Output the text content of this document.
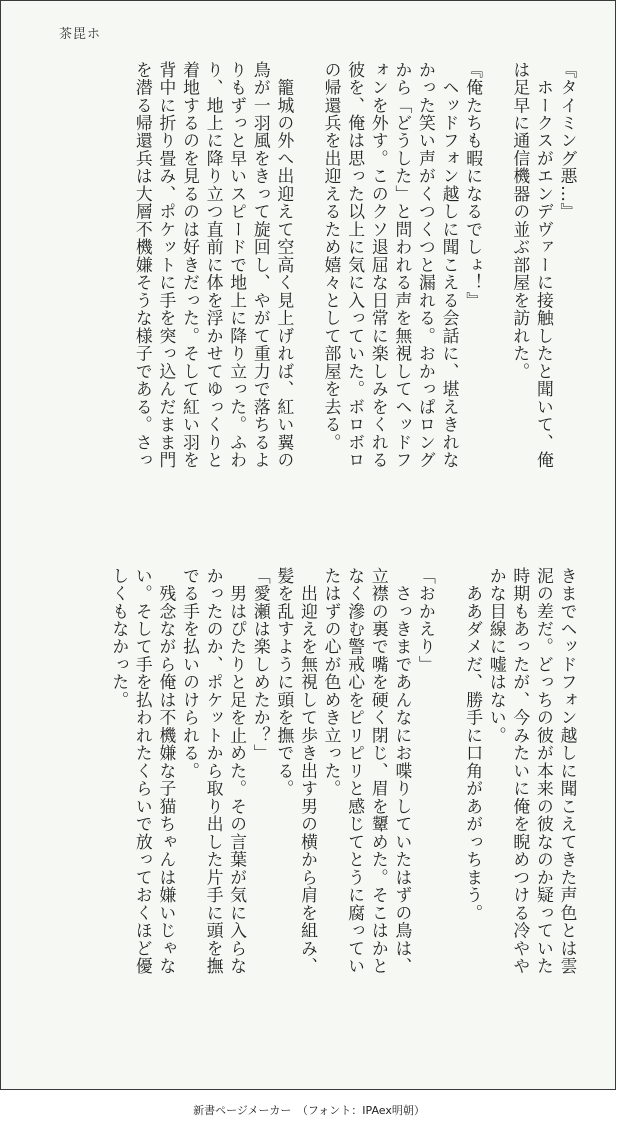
茶毘ホ
『タイミング悪…』
　ホークスがエンデヴァーに接触したと聞いて、俺
は足早に通信機器の並ぶ部屋を訪れた。
『俺たちも暇になるでしょ！』
　ヘッドフォン越しに聞こえる会話に、堪えきれな
かった笑い声がくつくつと漏れる。おかっぱロング
から「どうした」と問われる声を無視してヘッドフ
ォンを外す。このクソ退屈な日常に楽しみをくれる
彼を、俺は思った以上に気に入っていた。ボロボロ
の帰還兵を出迎えるため嬉々として部屋を去る。
　籠城の外へ出迎えて空高く見上げれば、紅い翼の
鳥が一羽風をきって旋回し、やがて重力で落ちるよ
りもずっと早いスピードで地上に降り立った。ふわ
り、地上に降り立つ直前に体を浮かせてゆっくりと
着地するのを見るのは好きだった。そして紅い羽を
背中に折り畳み、ポケットに手を突っ込んだまま門
を潜る帰還兵は大層不機嫌そうな様子である。さっ
きまでヘッドフォン越しに聞こえてきた声色とは雲
泥の差だ。どっちの彼が本来の彼なのか疑っていた
時期もあったが、今みたいに俺を睨めつける冷やや
かな目線に嘘はない。
　ああダメだ、勝手に口角があがっちまう。
「おかえり」
　さっきまであんなにお喋りしていたはずの鳥は、
立襟の裏で嘴を硬く閉じ、眉を顰めた。そこはかと
なく滲む警戒心をピリピリと感じてとうに腐ってい
たはずの心が色めき立った。
　出迎えを無視して歩き出す男の横から肩を組み、
髪を乱すように頭を撫でる。
「愛瀬は楽しめたか？」
　男はぴたりと足を止めた。その言葉が気に入らな
かったのか、ポケットから取り出した片手に頭を撫
でる手を払いのけられる。
　残念ながら俺は不機嫌な子猫ちゃんは嫌いじゃな
い。そして手を払われたくらいで放っておくほど優
しくもなかった。
新書ページメーカー　（フォント：IPAex明朝）
